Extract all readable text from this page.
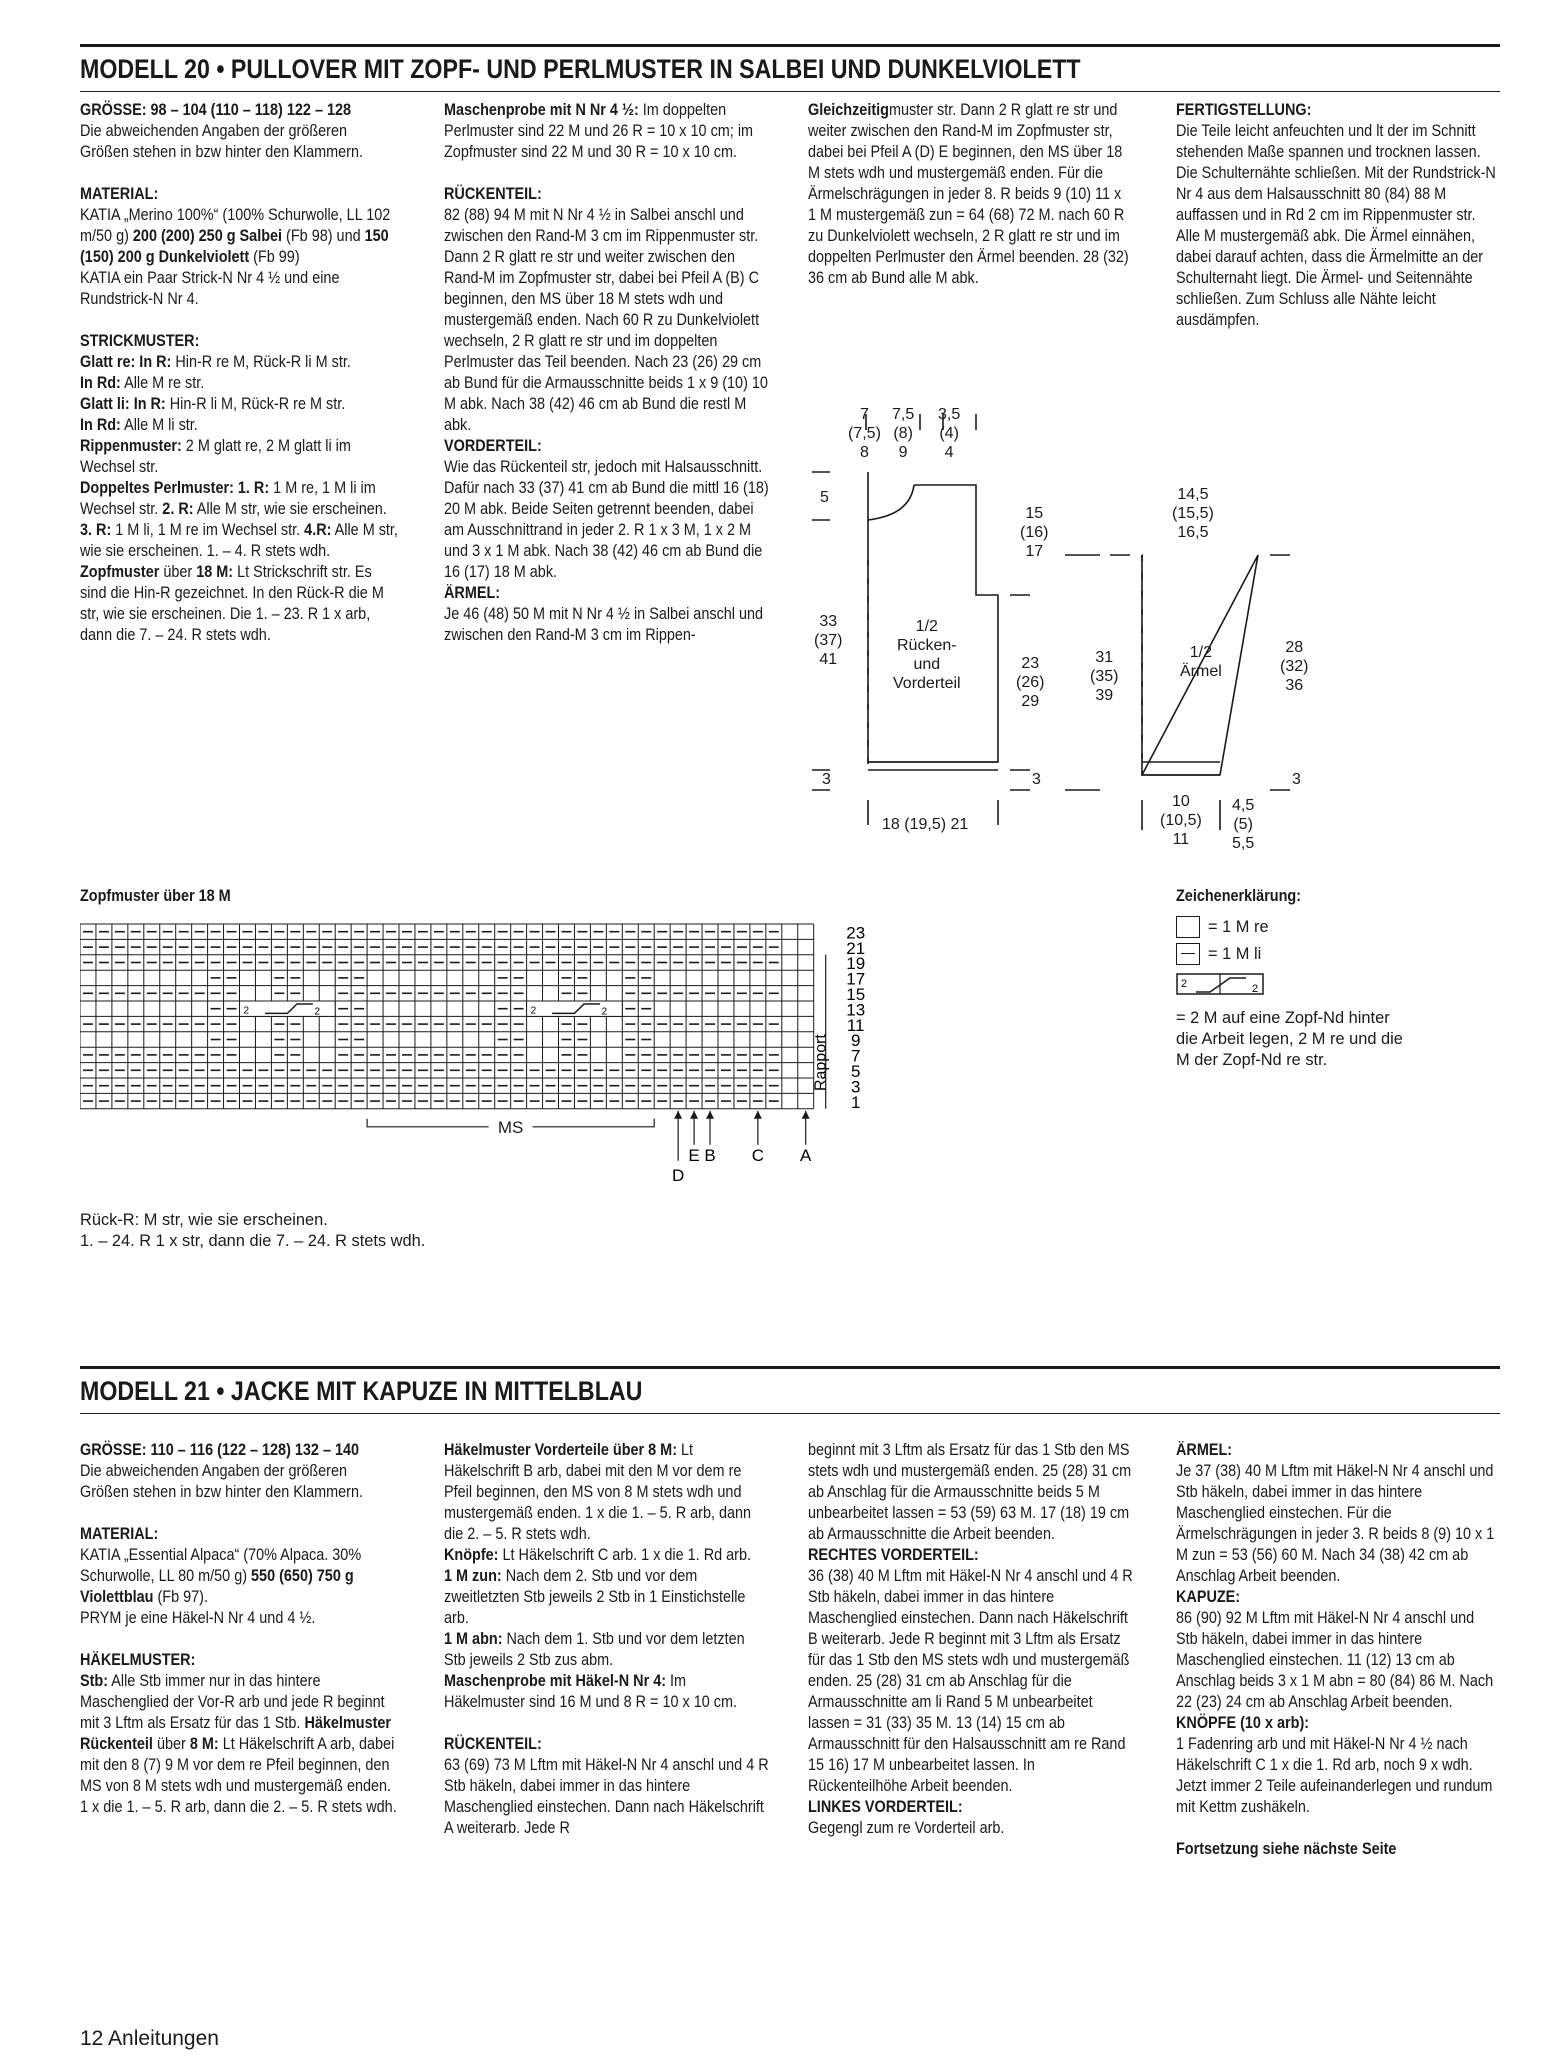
MODELL 20 • PULLOVER MIT ZOPF- UND PERLMUSTER IN SALBEI UND DUNKELVIOLETT

GRÖSSE: 98 – 104 (110 – 118) 122 – 128

Die abweichenden Angaben der größeren Größen stehen in bzw hinter den Klammern.

MATERIAL:

KATIA „Merino 100%“ (100% Schurwolle, LL 102 m/50 g) 200 (200) 250 g Salbei (Fb 98) und 150 (150) 200 g Dunkelviolett (Fb 99)

KATIA ein Paar Strick-N Nr 4 ½ und eine Rundstrick-N Nr 4.

STRICKMUSTER:

Glatt re: In R: Hin-R re M, Rück-R li M str.

In Rd: Alle M re str.

Glatt li: In R: Hin-R li M, Rück-R re M str.

In Rd: Alle M li str.

Rippenmuster: 2 M glatt re, 2 M glatt li im Wechsel str.

Doppeltes Perlmuster: 1. R: 1 M re, 1 M li im Wechsel str. 2. R: Alle M str, wie sie erscheinen. 3. R: 1 M li, 1 M re im Wechsel str. 4.R: Alle M str, wie sie erscheinen. 1. – 4. R stets wdh.

Zopfmuster über 18 M: Lt Strickschrift str. Es sind die Hin-R gezeichnet. In den Rück-R die M str, wie sie erscheinen. Die 1. – 23. R 1 x arb, dann die 7. – 24. R stets wdh.

Maschenprobe mit N Nr 4 ½: Im doppelten Perlmuster sind 22 M und 26 R = 10 x 10 cm; im Zopfmuster sind 22 M und 30 R = 10 x 10 cm.

RÜCKENTEIL:

82 (88) 94 M mit N Nr 4 ½ in Salbei anschl und zwischen den Rand-M 3 cm im Rippenmuster str. Dann 2 R glatt re str und weiter zwischen den Rand-M im Zopfmuster str, dabei bei Pfeil A (B) C beginnen, den MS über 18 M stets wdh und mustergemäß enden. Nach 60 R zu Dunkelviolett wechseln, 2 R glatt re str und im doppelten Perlmuster das Teil beenden. Nach 23 (26) 29 cm ab Bund für die Armausschnitte beids 1 x 9 (10) 10 M abk. Nach 38 (42) 46 cm ab Bund die restl M abk.

VORDERTEIL:

Wie das Rückenteil str, jedoch mit Halsausschnitt. Dafür nach 33 (37) 41 cm ab Bund die mittl 16 (18) 20 M abk. Beide Seiten getrennt beenden, dabei am Ausschnittrand in jeder 2. R 1 x 3 M, 1 x 2 M und 3 x 1 M abk. Nach 38 (42) 46 cm ab Bund die 16 (17) 18 M abk.

ÄRMEL:

Je 46 (48) 50 M mit N Nr 4 ½ in Salbei anschl und zwischen den Rand-M 3 cm im Rippen-

Gleichzeitigmuster str. Dann 2 R glatt re str und weiter zwischen den Rand-M im Zopfmuster str, dabei bei Pfeil A (D) E beginnen, den MS über 18 M stets wdh und mustergemäß enden. Für die Ärmelschrägungen in jeder 8. R beids 9 (10) 11 x 1 M mustergemäß zun = 64 (68) 72 M. nach 60 R zu Dunkelviolett wechseln, 2 R glatt re str und im doppelten Perlmuster den Ärmel beenden. 28 (32) 36 cm ab Bund alle M abk.

FERTIGSTELLUNG:

Die Teile leicht anfeuchten und lt der im Schnitt stehenden Maße spannen und trocknen lassen. Die Schulternähte schließen. Mit der Rundstrick-N Nr 4 aus dem Halsausschnitt 80 (84) 88 M auffassen und in Rd 2 cm im Rippenmuster str. Alle M mustergemäß abk. Die Ärmel einnähen, dabei darauf achten, dass die Ärmelmitte an der Schulternaht liegt. Die Ärmel- und Seitennähte schließen. Zum Schluss alle Nähte leicht ausdämpfen.

7
(7,5)
8
7,5
(8)
9
3,5
(4)
4
5
15
(16)
17
33
(37)
41
1/2
Rücken-
und
Vorderteil
23
(26)
29
31
(35)
39
1/2
Ärmel
14,5
(15,5)
16,5
28
(32)
36
3	3	3
18 (19,5) 21
10
(10,5)
11
4,5
(5)
5,5
Zopfmuster über 18 M
2	2	2	2
23
21
19
17
15
13
11
9
7
5
3
1
Rapport
MS
E B C A
D

Rück-R: M str, wie sie erscheinen.

1. – 24. R 1 x str, dann die 7. – 24. R stets wdh.

Zeichenerklärung:
= 1 M re
= 1 M li
2	2
= 2 M auf eine Zopf-Nd hinter die Arbeit legen, 2 M re und die M der Zopf-Nd re str.
MODELL 21 • JACKE MIT KAPUZE IN MITTELBLAU

GRÖSSE: 110 – 116 (122 – 128) 132 – 140

Die abweichenden Angaben der größeren Größen stehen in bzw hinter den Klammern.

MATERIAL:

KATIA „Essential Alpaca“ (70% Alpaca. 30% Schurwolle, LL 80 m/50 g) 550 (650) 750 g Violettblau (Fb 97).

PRYM je eine Häkel-N Nr 4 und 4 ½.

HÄKELMUSTER:

Stb: Alle Stb immer nur in das hintere Maschenglied der Vor-R arb und jede R beginnt mit 3 Lftm als Ersatz für das 1 Stb. Häkelmuster Rückenteil über 8 M: Lt Häkelschrift A arb, dabei mit den 8 (7) 9 M vor dem re Pfeil beginnen, den MS von 8 M stets wdh und mustergemäß enden. 1 x die 1. – 5. R arb, dann die 2. – 5. R stets wdh.

Häkelmuster Vorderteile über 8 M: Lt Häkelschrift B arb, dabei mit den M vor dem re Pfeil beginnen, den MS von 8 M stets wdh und mustergemäß enden. 1 x die 1. – 5. R arb, dann die 2. – 5. R stets wdh.

Knöpfe: Lt Häkelschrift C arb. 1 x die 1. Rd arb.

1 M zun: Nach dem 2. Stb und vor dem zweitletzten Stb jeweils 2 Stb in 1 Einstichstelle arb.

1 M abn: Nach dem 1. Stb und vor dem letzten Stb jeweils 2 Stb zus abm.

Maschenprobe mit Häkel-N Nr 4: Im Häkelmuster sind 16 M und 8 R = 10 x 10 cm.

RÜCKENTEIL:

63 (69) 73 M Lftm mit Häkel-N Nr 4 anschl und 4 R Stb häkeln, dabei immer in das hintere Maschenglied einstechen. Dann nach Häkelschrift A weiterarb. Jede R

beginnt mit 3 Lftm als Ersatz für das 1 Stb den MS stets wdh und mustergemäß enden. 25 (28) 31 cm ab Anschlag für die Armausschnitte beids 5 M unbearbeitet lassen = 53 (59) 63 M. 17 (18) 19 cm ab Armausschnitte die Arbeit beenden.

RECHTES VORDERTEIL:

36 (38) 40 M Lftm mit Häkel-N Nr 4 anschl und 4 R Stb häkeln, dabei immer in das hintere Maschenglied einstechen. Dann nach Häkelschrift B weiterarb. Jede R beginnt mit 3 Lftm als Ersatz für das 1 Stb den MS stets wdh und mustergemäß enden. 25 (28) 31 cm ab Anschlag für die Armausschnitte am li Rand 5 M unbearbeitet lassen = 31 (33) 35 M. 13 (14) 15 cm ab Armausschnitt für den Halsausschnitt am re Rand 15 16) 17 M unbearbeitet lassen. In Rückenteilhöhe Arbeit beenden.

LINKES VORDERTEIL:

Gegengl zum re Vorderteil arb.

ÄRMEL:

Je 37 (38) 40 M Lftm mit Häkel-N Nr 4 anschl und Stb häkeln, dabei immer in das hintere Maschenglied einstechen. Für die Ärmelschrägungen in jeder 3. R beids 8 (9) 10 x 1 M zun = 53 (56) 60 M. Nach 34 (38) 42 cm ab Anschlag Arbeit beenden.

KAPUZE:

86 (90) 92 M Lftm mit Häkel-N Nr 4 anschl und Stb häkeln, dabei immer in das hintere Maschenglied einstechen. 11 (12) 13 cm ab Anschlag beids 3 x 1 M abn = 80 (84) 86 M. Nach 22 (23) 24 cm ab Anschlag Arbeit beenden.

KNÖPFE (10 x arb):

1 Fadenring arb und mit Häkel-N Nr 4 ½ nach Häkelschrift C 1 x die 1. Rd arb, noch 9 x wdh. Jetzt immer 2 Teile aufeinanderlegen und rundum mit Kettm zushäkeln.

Fortsetzung siehe nächste Seite

12 Anleitungen
